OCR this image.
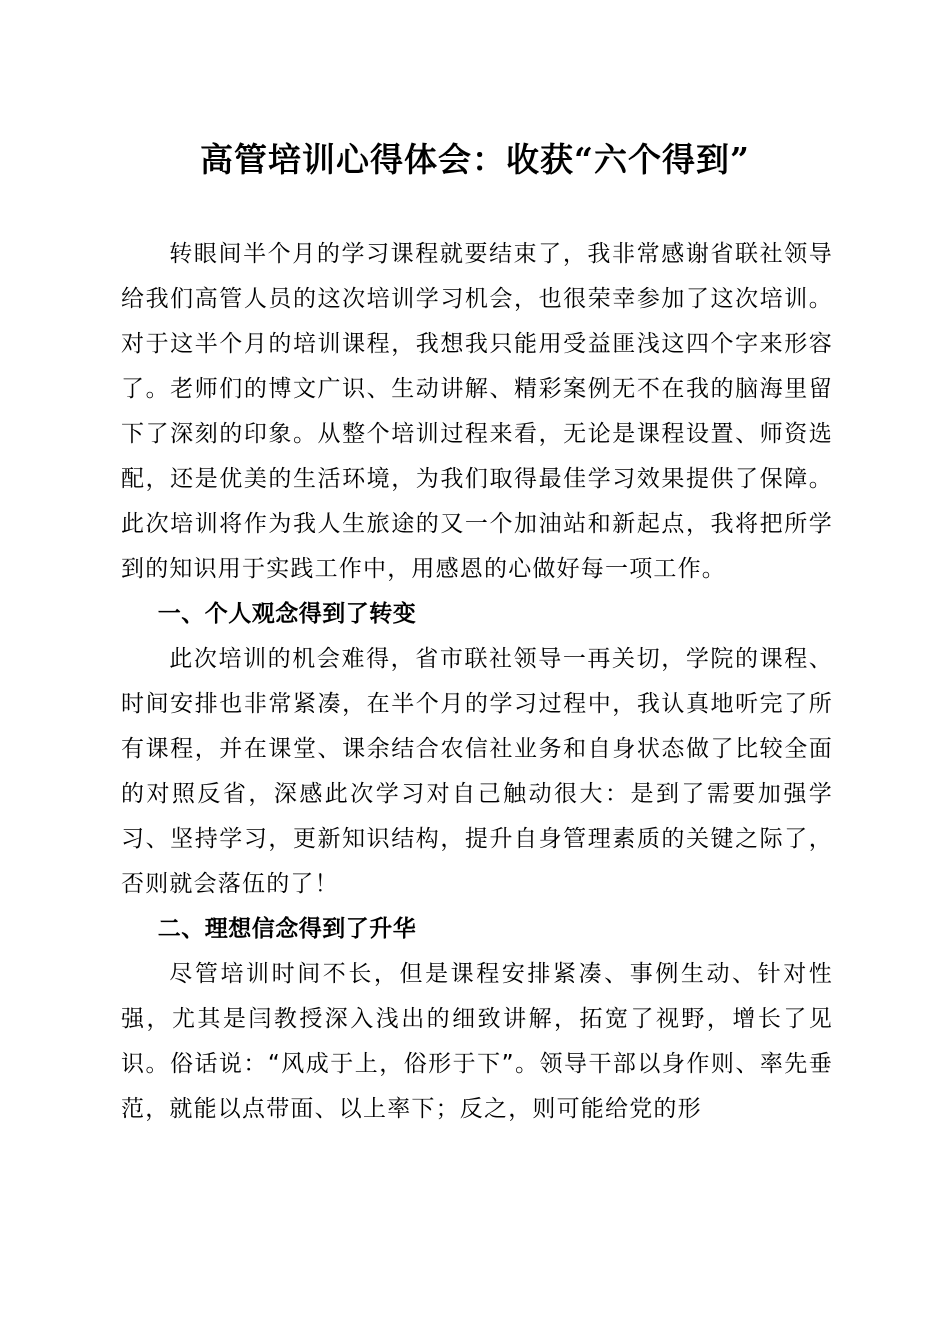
高管培训心得体会：收获“六个得到”

转眼间半个月的学习课程就要结束了，我非常感谢省联社领导给我们高管人员的这次培训学习机会，也很荣幸参加了这次培训。对于这半个月的培训课程，我想我只能用受益匪浅这四个字来形容了。老师们的博文广识、生动讲解、精彩案例无不在我的脑海里留下了深刻的印象。从整个培训过程来看，无论是课程设置、师资选配，还是优美的生活环境，为我们取得最佳学习效果提供了保障。此次培训将作为我人生旅途的又一个加油站和新起点，我将把所学到的知识用于实践工作中，用感恩的心做好每一项工作。

一、个人观念得到了转变

此次培训的机会难得，省市联社领导一再关切，学院的课程、时间安排也非常紧凑，在半个月的学习过程中，我认真地听完了所有课程，并在课堂、课余结合农信社业务和自身状态做了比较全面的对照反省，深感此次学习对自己触动很大：是到了需要加强学习、坚持学习，更新知识结构，提升自身管理素质的关键之际了，否则就会落伍的了！

二、理想信念得到了升华

尽管培训时间不长，但是课程安排紧凑、事例生动、针对性强，尤其是闫教授深入浅出的细致讲解，拓宽了视野，增长了见识。俗话说：“风成于上，俗形于下”。领导干部以身作则、率先垂范，就能以点带面、以上率下；反之，则可能给党的形
